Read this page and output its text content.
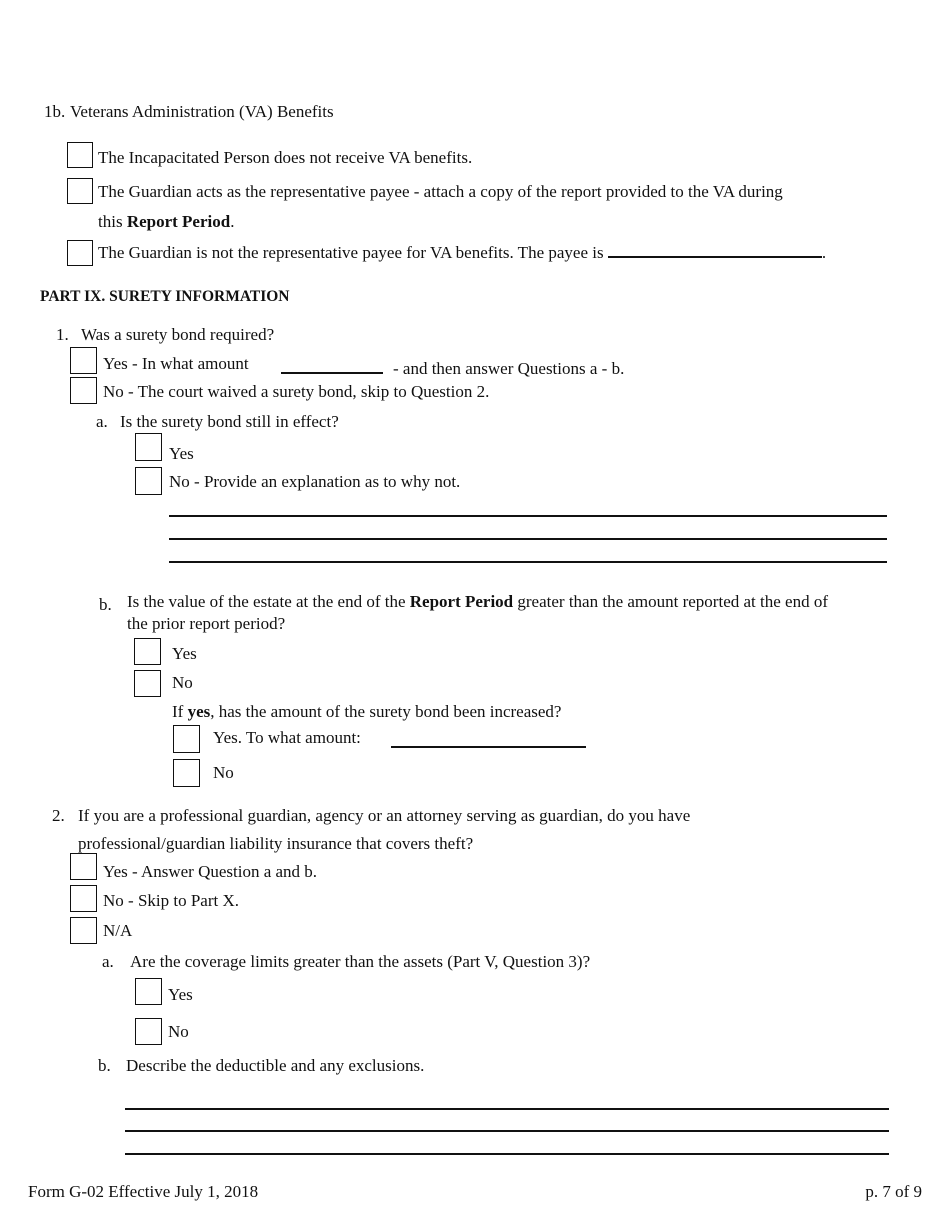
1b. Veterans Administration (VA) Benefits
The Incapacitated Person does not receive VA benefits.
The Guardian acts as the representative payee - attach a copy of the report provided to the VA during
this Report Period.
The Guardian is not the representative payee for VA benefits. The payee is	.
PART IX. SURETY INFORMATION
1. Was a surety bond required?
Yes - In what amount	- and then answer Questions a - b.
No - The court waived a surety bond, skip to Question 2.
a. Is the surety bond still in effect?
Yes
No - Provide an explanation as to why not.
b. Is the value of the estate at the end of the Report Period greater than the amount reported at the end of
the prior report period?
Yes
No
If yes, has the amount of the surety bond been increased?
Yes. To what amount:
No
2. If you are a professional guardian, agency or an attorney serving as guardian, do you have
professional/guardian liability insurance that covers theft?
Yes - Answer Question a and b.
No - Skip to Part X.
N/A
a. Are the coverage limits greater than the assets (Part V, Question 3)?
Yes
No
b. Describe the deductible and any exclusions.
Form G-02 Effective July 1, 2018	p. 7 of 9
